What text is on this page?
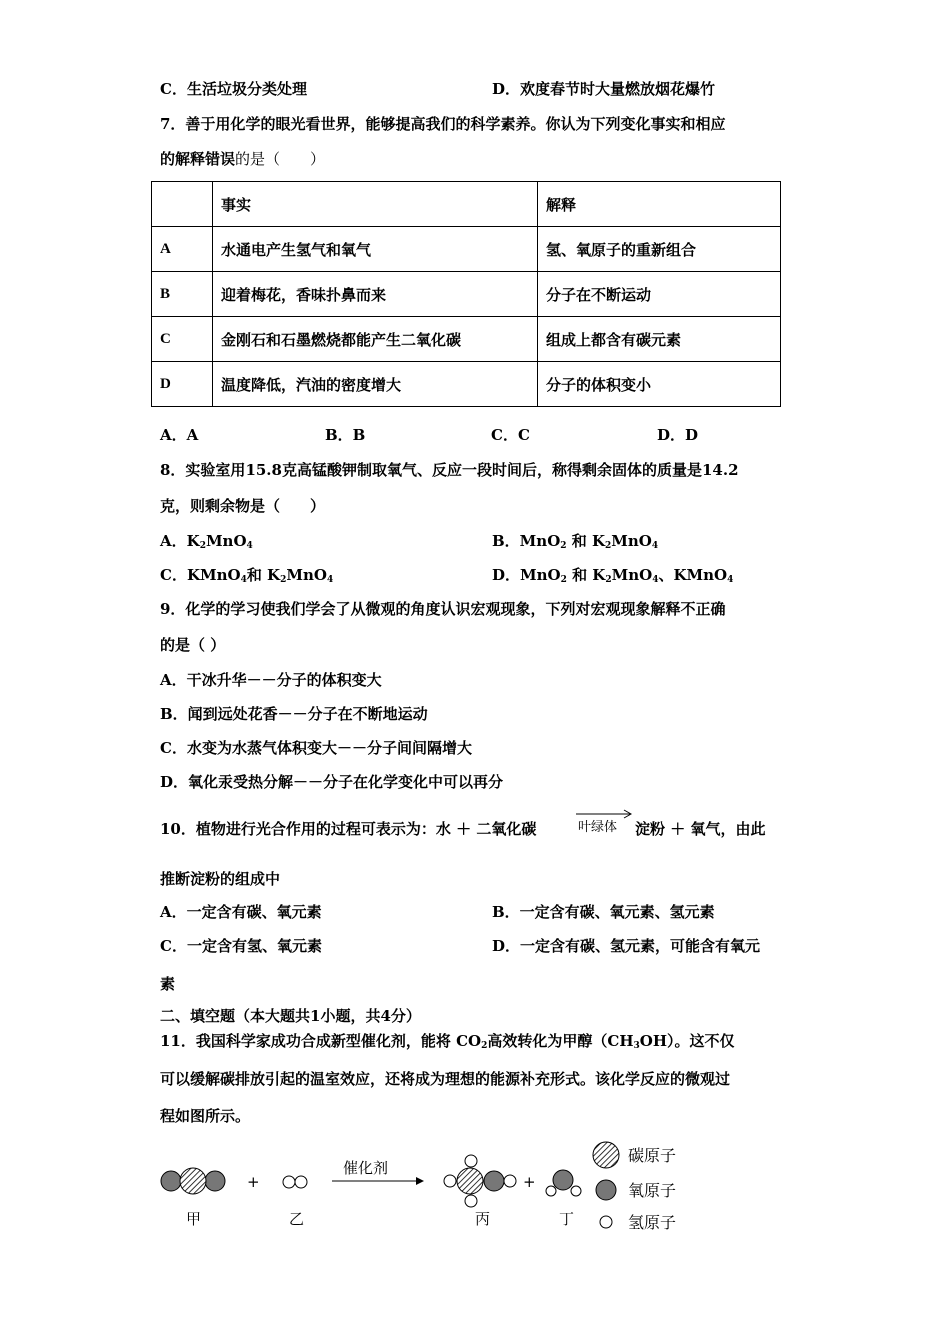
C．生活垃圾分类处理	D．欢度春节时大量燃放烟花爆竹
7．善于用化学的眼光看世界，能够提高我们的科学素养。你认为下列变化事实和相应
的解释错误的是（　　）
	事实	解释
A	水通电产生氢气和氧气	氢、氧原子的重新组合
B	迎着梅花，香味扑鼻而来	分子在不断运动
C	金刚石和石墨燃烧都能产生二氧化碳	组成上都含有碳元素
D	温度降低，汽油的密度增大	分子的体积变小
A．A	B．B	C．C	D．D
8．实验室用15.8克高锰酸钾制取氧气、反应一段时间后，称得剩余固体的质量是14.2
克，则剩余物是（　　）
A．$K_2MnO_4$	B．MnO$_2$ 和 $K_2MnO_4$
C．KMnO$_4$和 $K_2MnO_4$	D．MnO$_2$ 和 $K_2MnO_4$、KMnO$_4$
9．化学的学习使我们学会了从微观的角度认识宏观现象，下列对宏观现象解释不正确
的是（ ）
A．干冰升华－－分子的体积变大
B．闻到远处花香－－分子在不断地运动
C．水变为水蒸气体积变大－－分子间间隔增大
D．氧化汞受热分解－－分子在化学变化中可以再分
10．植物进行光合作用的过程可表示为：水 ＋ 二氧化碳	叶绿体 淀粉 ＋ 氧气，由此
推断淀粉的组成中
A．一定含有碳、氧元素	B．一定含有碳、氧元素、氢元素
C．一定含有氢、氧元素	D．一定含有碳、氢元素，可能含有氧元
素
二、填空题（本大题共1小题，共4分）
11．我国科学家成功合成新型催化剂，能将 $CO_2$高效转化为甲醇$(CH_3OH)$。这不仅
可以缓解碳排放引起的温室效应，还将成为理想的能源补充形式。该化学反应的微观过
程如图所示。
+
催化剂
+
甲	乙	丙	丁
碳原子
氧原子
氢原子
